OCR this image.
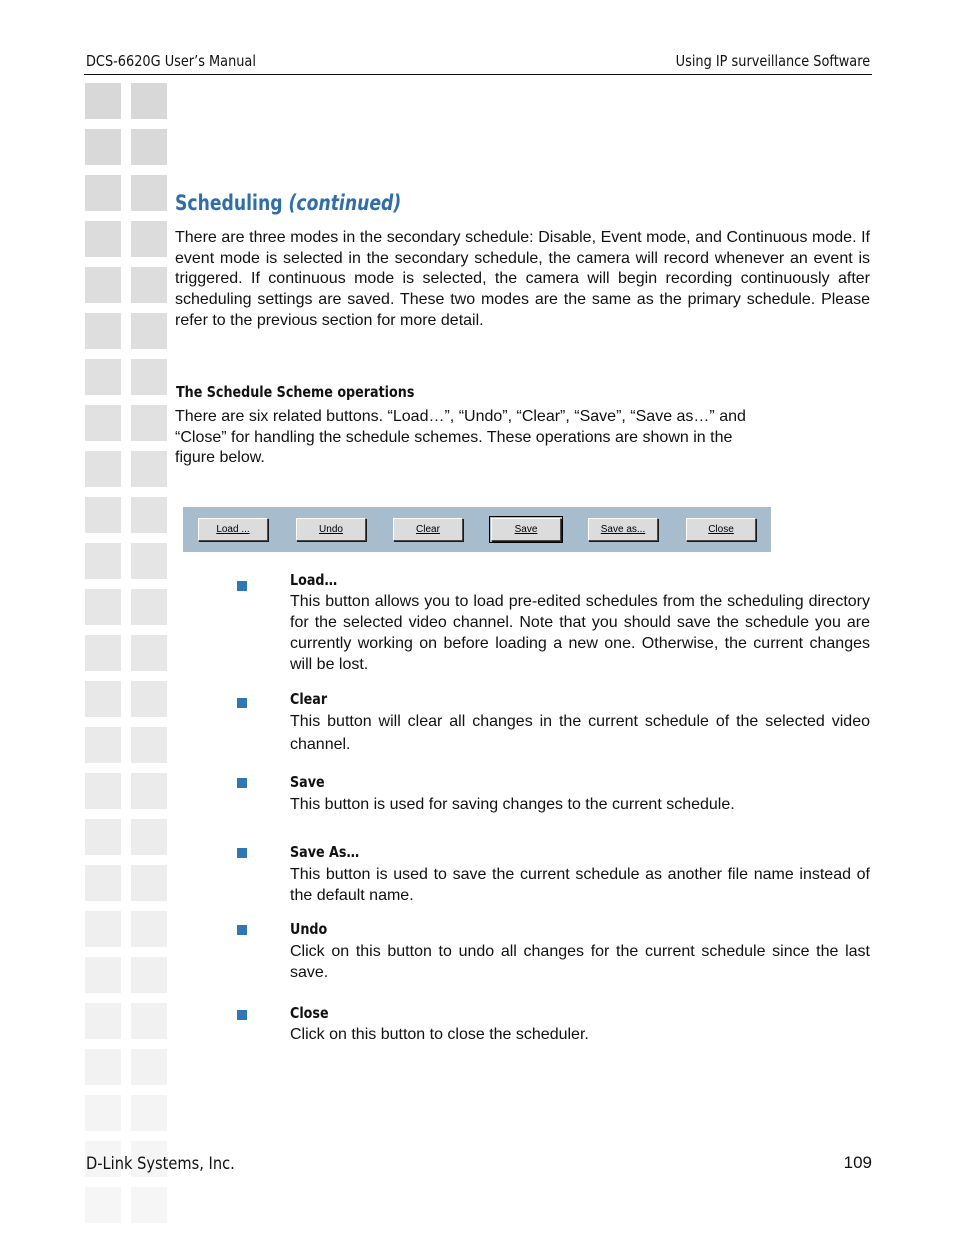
DCS-6620G User’s Manual	Using IP surveillance Software
Scheduling (continued)
There are three modes in the secondary schedule: Disable, Event mode, and Continuous mode. If event mode is selected in the secondary schedule, the camera will record whenever an event is triggered. If continuous mode is selected, the camera will begin recording continuously after scheduling settings are saved. These two modes are the same as the primary schedule. Please refer to the previous section for more detail.
The Schedule Scheme operations
There are six related buttons. “Load…”, “Undo”, “Clear”, “Save”, “Save as…” and “Close” for handling the schedule schemes. These operations are shown in the figure below.
Load ...	Undo	Clear	Save	Save as...	Close
Load…
This button allows you to load pre-edited schedules from the scheduling directory for the selected video channel. Note that you should save the schedule you are currently working on before loading a new one. Otherwise, the current changes will be lost.
Clear
This button will clear all changes in the current schedule of the selected video channel.
Save
This button is used for saving changes to the current schedule.
Save As…
This button is used to save the current schedule as another file name instead of the default name.
Undo
Click on this button to undo all changes for the current schedule since the last save.
Close
Click on this button to close the scheduler.
D-Link Systems, Inc.	109
